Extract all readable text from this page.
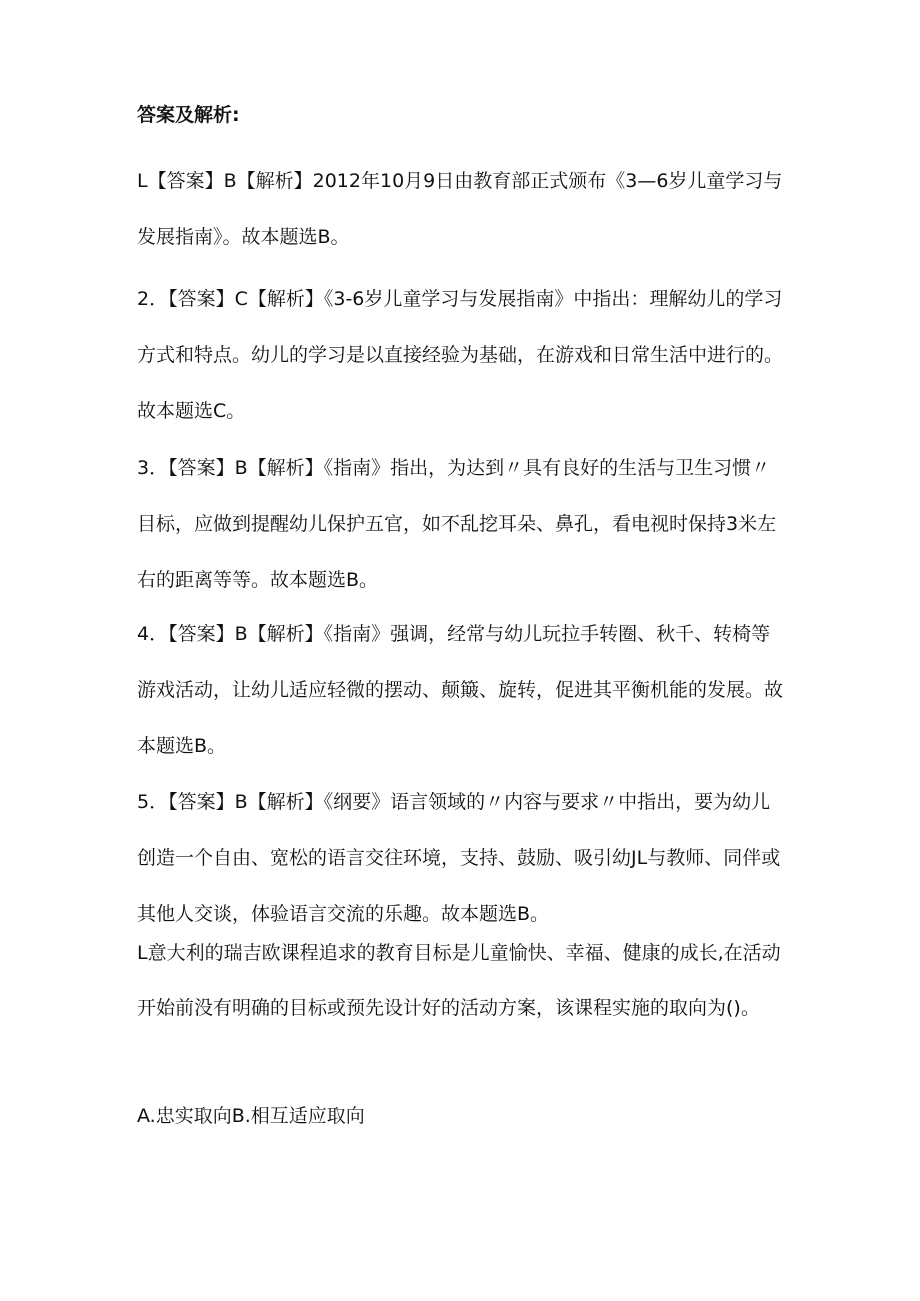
答案及解析:

L【答案】B【解析】2012年10月9日由教育部正式颁布《3—6岁儿童学习与发展指南》。故本题选B。

2．【答案】C【解析】《3-6岁儿童学习与发展指南》中指出：理解幼儿的学习方式和特点。幼儿的学习是以直接经验为基础，在游戏和日常生活中进行的。故本题选C。

3．【答案】B【解析】《指南》指出，为达到〃具有良好的生活与卫生习惯〃目标，应做到提醒幼儿保护五官，如不乱挖耳朵、鼻孔，看电视时保持3米左右的距离等等。故本题选B。

4．【答案】B【解析】《指南》强调，经常与幼儿玩拉手转圈、秋千、转椅等游戏活动，让幼儿适应轻微的摆动、颠簸、旋转，促进其平衡机能的发展。故本题选B。

5．【答案】B【解析】《纲要》语言领域的〃内容与要求〃中指出，要为幼儿创造一个自由、宽松的语言交往环境，支持、鼓励、吸引幼JL与教师、同伴或其他人交谈，体验语言交流的乐趣。故本题选B。

L意大利的瑞吉欧课程追求的教育目标是儿童愉快、幸福、健康的成长,在活动开始前没有明确的目标或预先设计好的活动方案，该课程实施的取向为()。

A.忠实取向B.相互适应取向
